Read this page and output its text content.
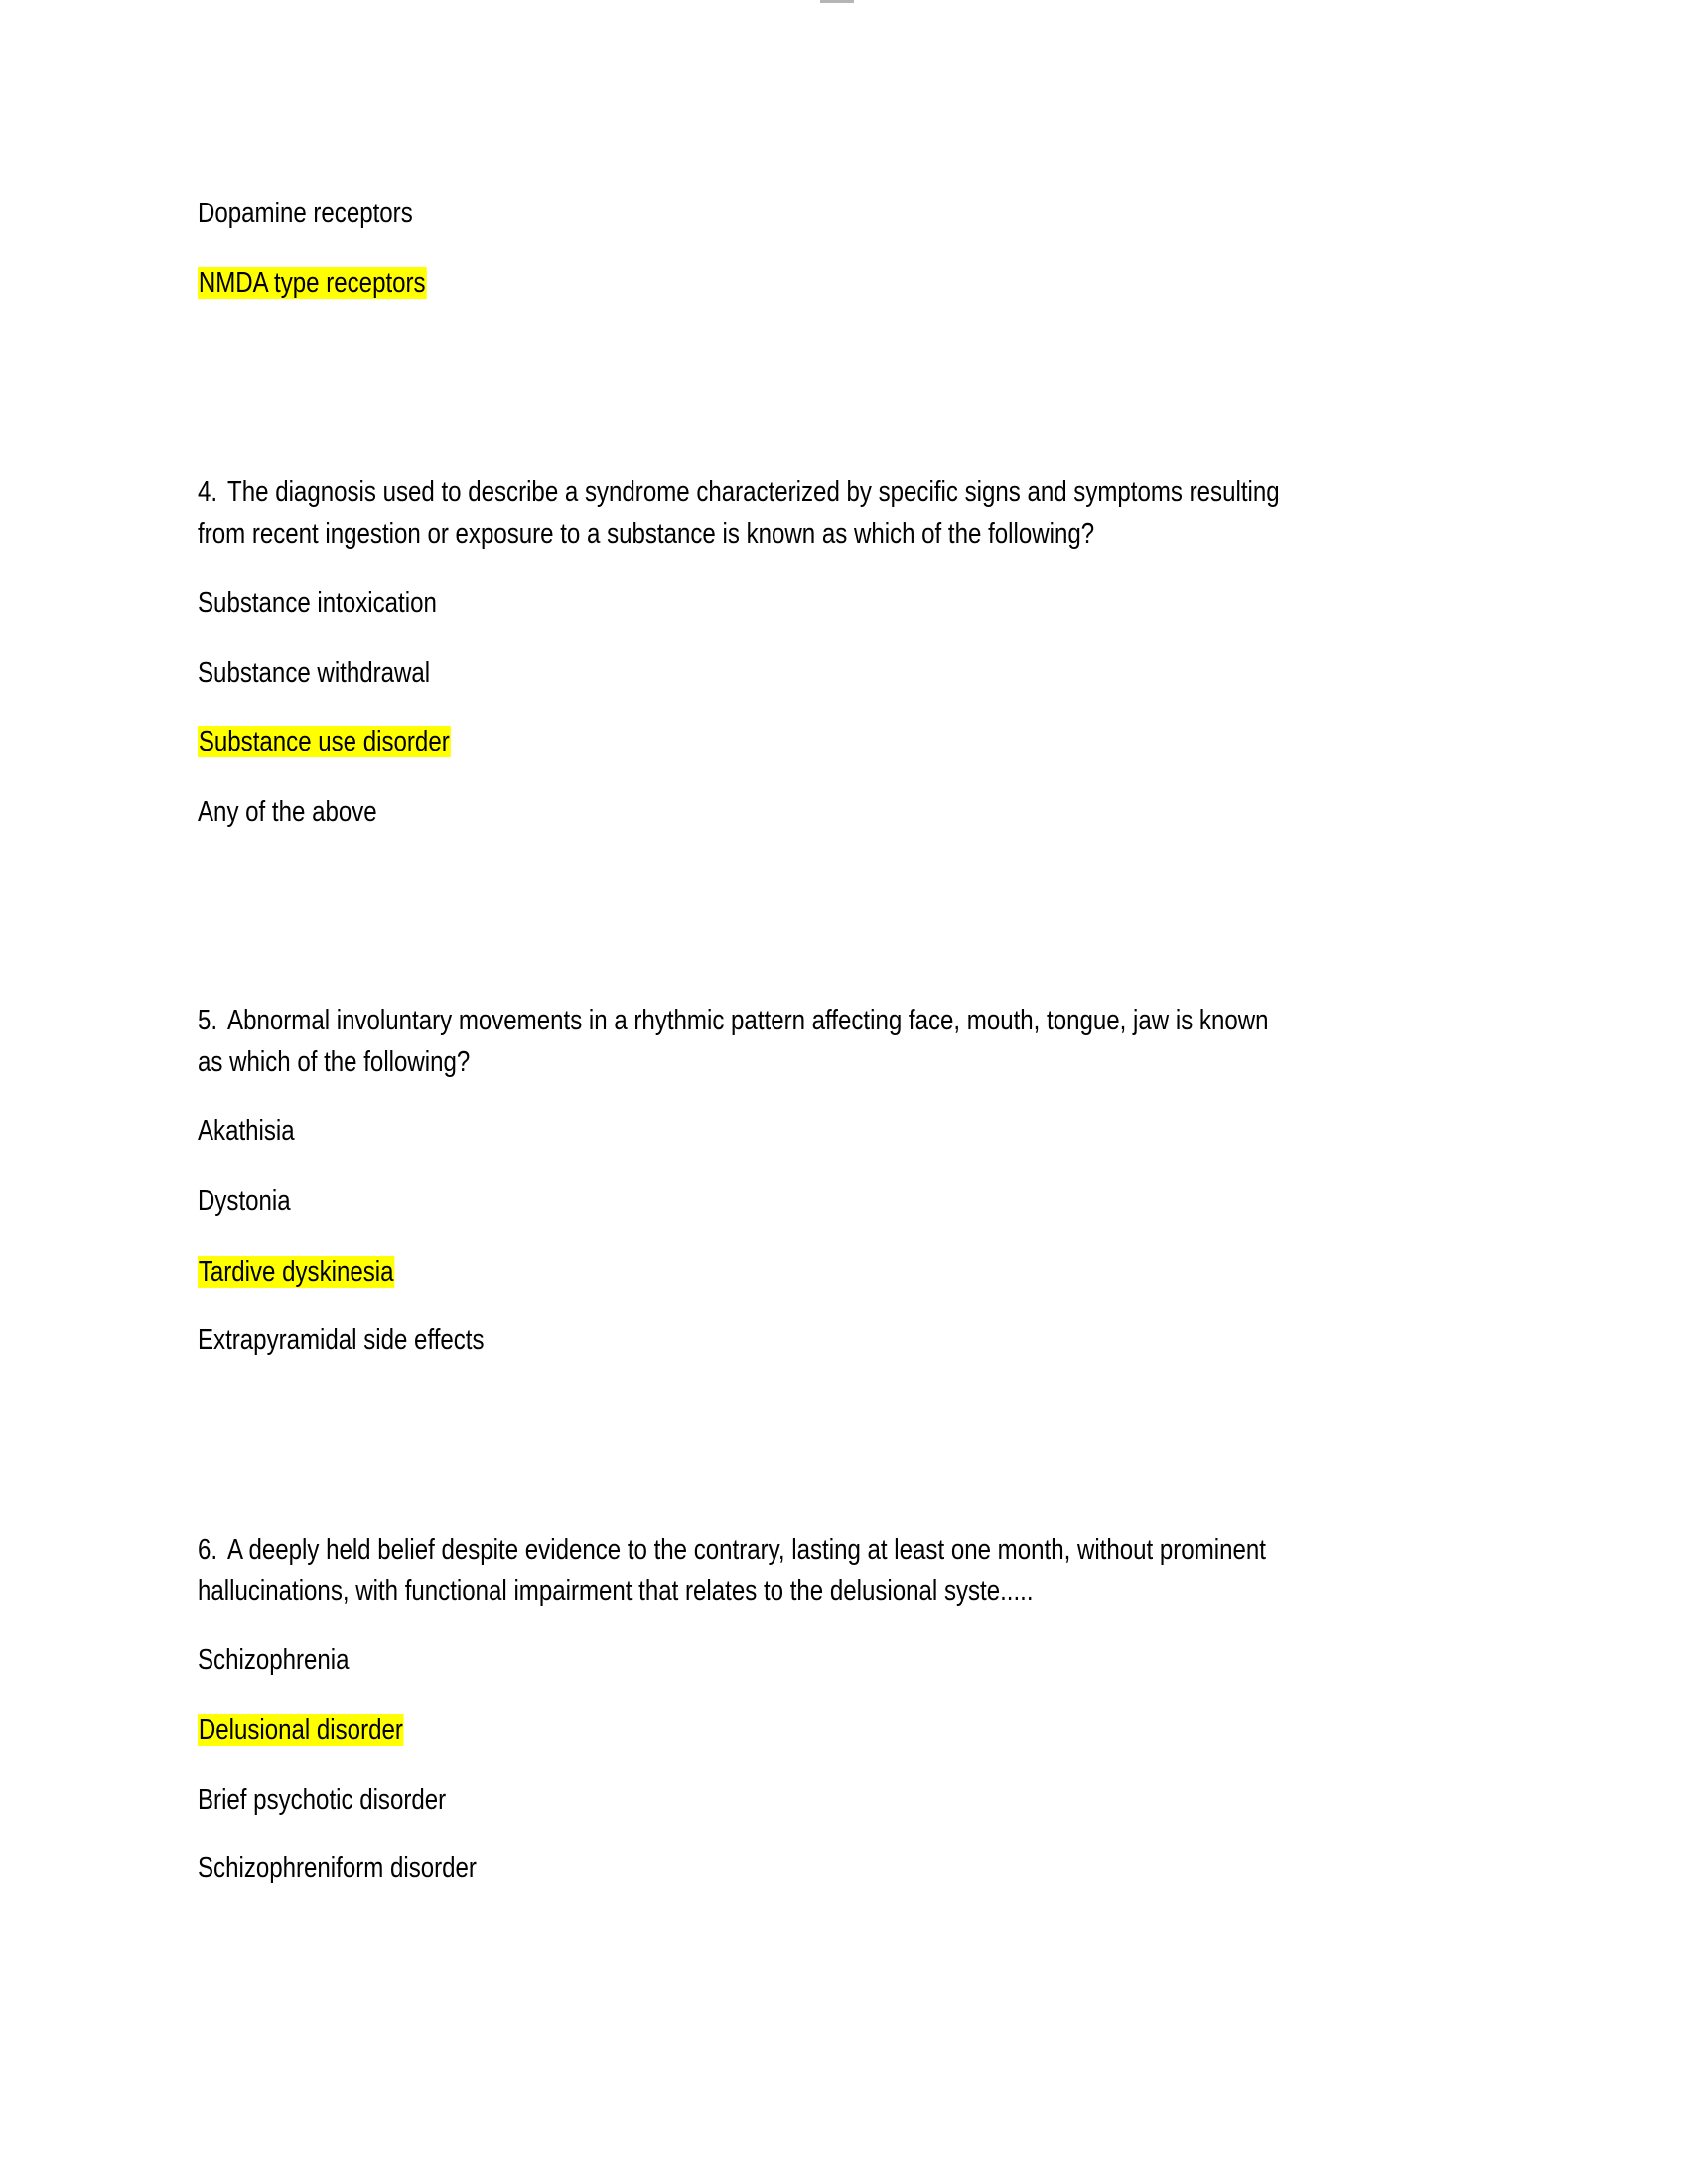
Dopamine receptors
NMDA type receptors
4. The diagnosis used to describe a syndrome characterized by specific signs and symptoms resulting
from recent ingestion or exposure to a substance is known as which of the following?
Substance intoxication
Substance withdrawal
Substance use disorder
Any of the above
5. Abnormal involuntary movements in a rhythmic pattern affecting face, mouth, tongue, jaw is known
as which of the following?
Akathisia
Dystonia
Tardive dyskinesia
Extrapyramidal side effects
6. A deeply held belief despite evidence to the contrary, lasting at least one month, without prominent
hallucinations, with functional impairment that relates to the delusional syste.....
Schizophrenia
Delusional disorder
Brief psychotic disorder
Schizophreniform disorder
